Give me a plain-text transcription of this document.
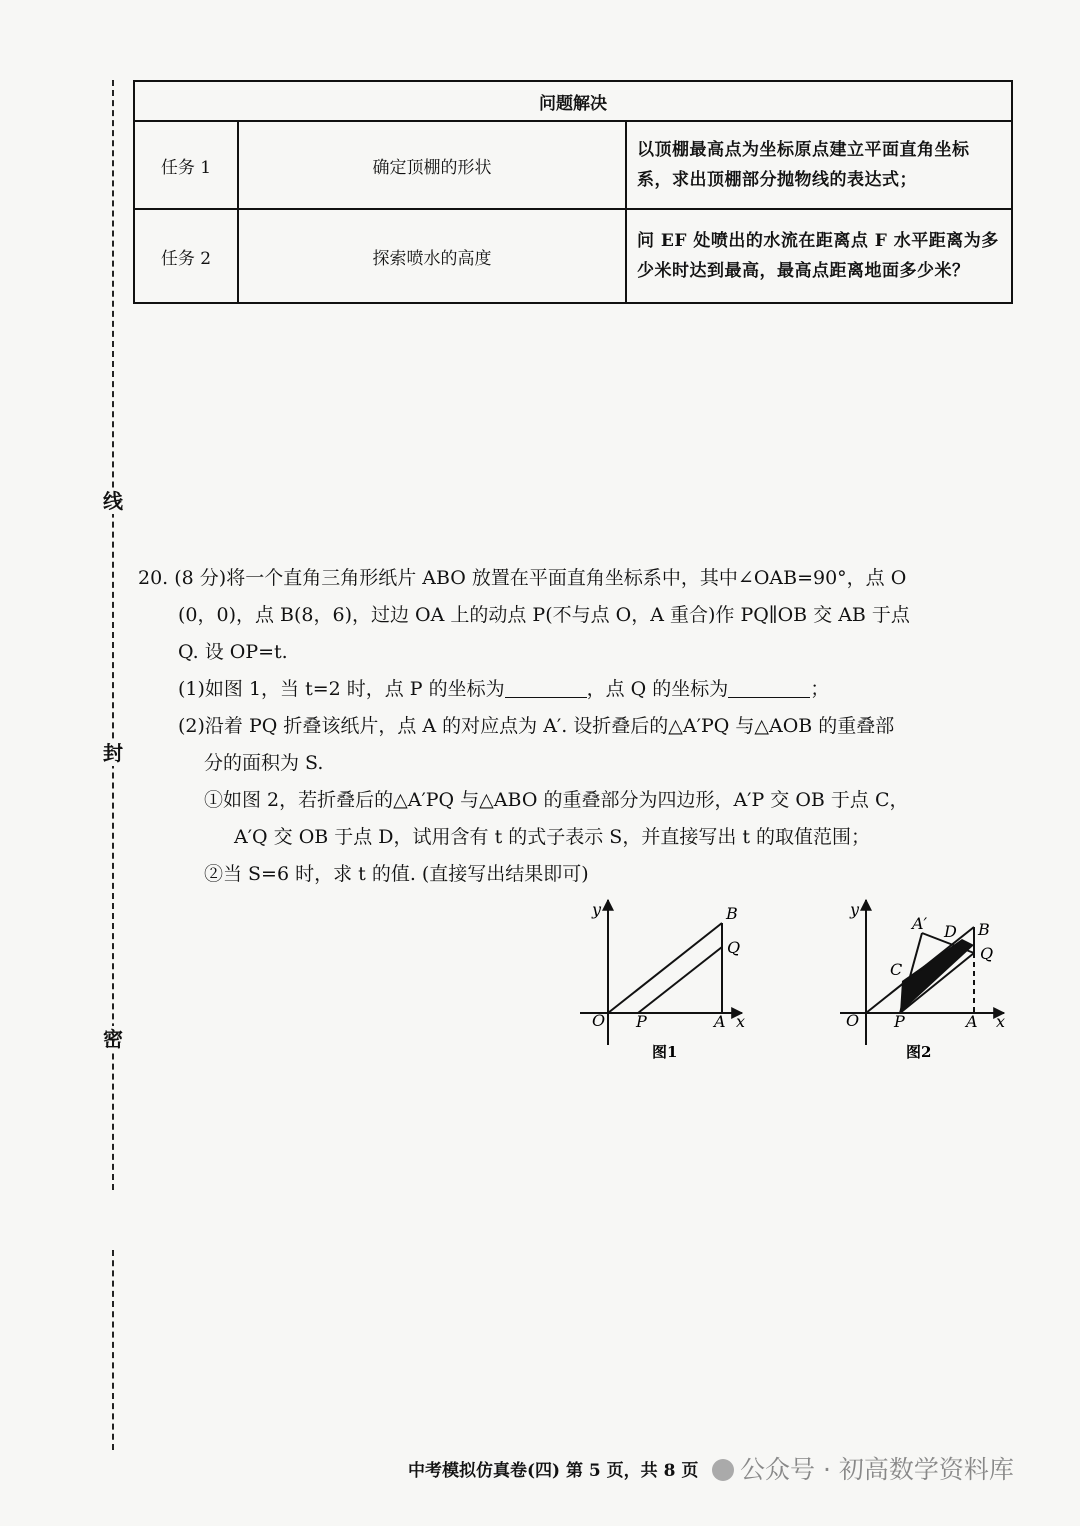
线
封
密
问题解决		
任务 1	确定顶棚的形状	以顶棚最高点为坐标原点建立平面直角坐标系，求出顶棚部分抛物线的表达式；
任务 2	探索喷水的高度	问 EF 处喷出的水流在距离点 F 水平距离为多少米时达到最高，最高点距离地面多少米？
20. (8 分)将一个直角三角形纸片 ABO 放置在平面直角坐标系中，其中∠OAB=90°，点 O
(0，0)，点 B(8，6)，过边 OA 上的动点 P(不与点 O，A 重合)作 PQ∥OB 交 AB 于点
Q. 设 OP=t.
(1)如图 1，当 t=2 时，点 P 的坐标为	，点 Q 的坐标为	；
(2)沿着 PQ 折叠该纸片，点 A 的对应点为 A′. 设折叠后的△A′PQ 与△AOB 的重叠部
分的面积为 S.
①如图 2，若折叠后的△A′PQ 与△ABO 的重叠部分为四边形，A′P 交 OB 于点 C，
A′Q 交 OB 于点 D，试用含有 t 的式子表示 S，并直接写出 t 的取值范围；
②当 S=6 时，求 t 的值. (直接写出结果即可)
y
x
O P	A
B
Q
图1
y
x
O P	A
B
Q
A′ D
C
图2
中考模拟仿真卷(四) 第 5 页，共 8 页	公众号 · 初高数学资料库
